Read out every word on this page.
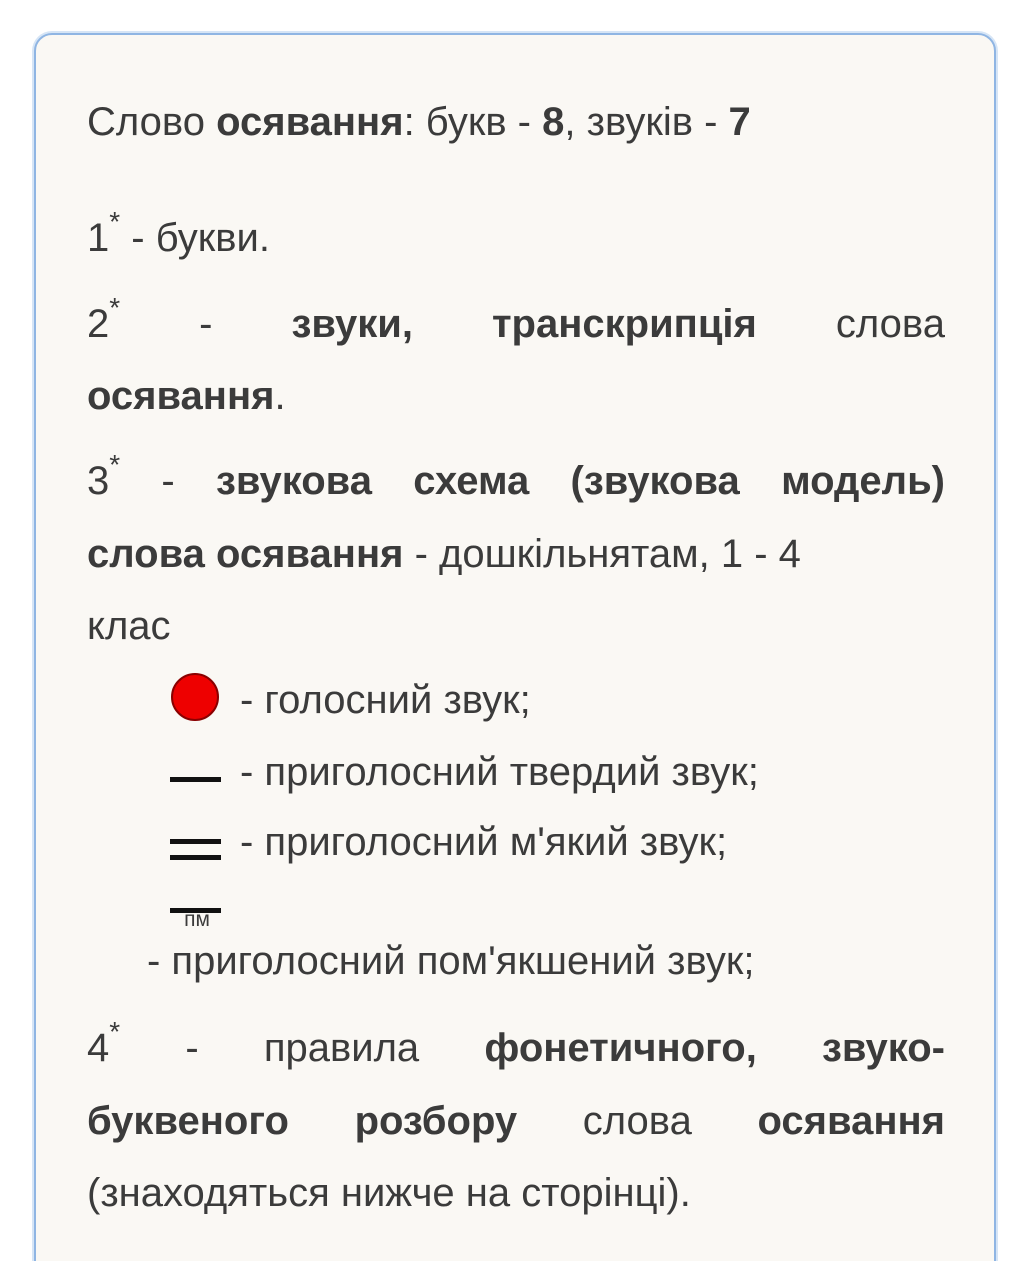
Слово осявання: букв - 8, звуків - 7
1* - букви.
2* - звуки, транскрипція слова
осявання.
3* - звукова схема (звукова модель)
слова осявання - дошкільнятам, 1 - 4
клас
- голосний звук;
- приголосний твердий звук;
- приголосний м'який звук;
пм
- приголосний пом'якшений звук;
4* - правила фонетичного, звуко-
буквеного розбору слова осявання
(знаходяться нижче на сторінці).
